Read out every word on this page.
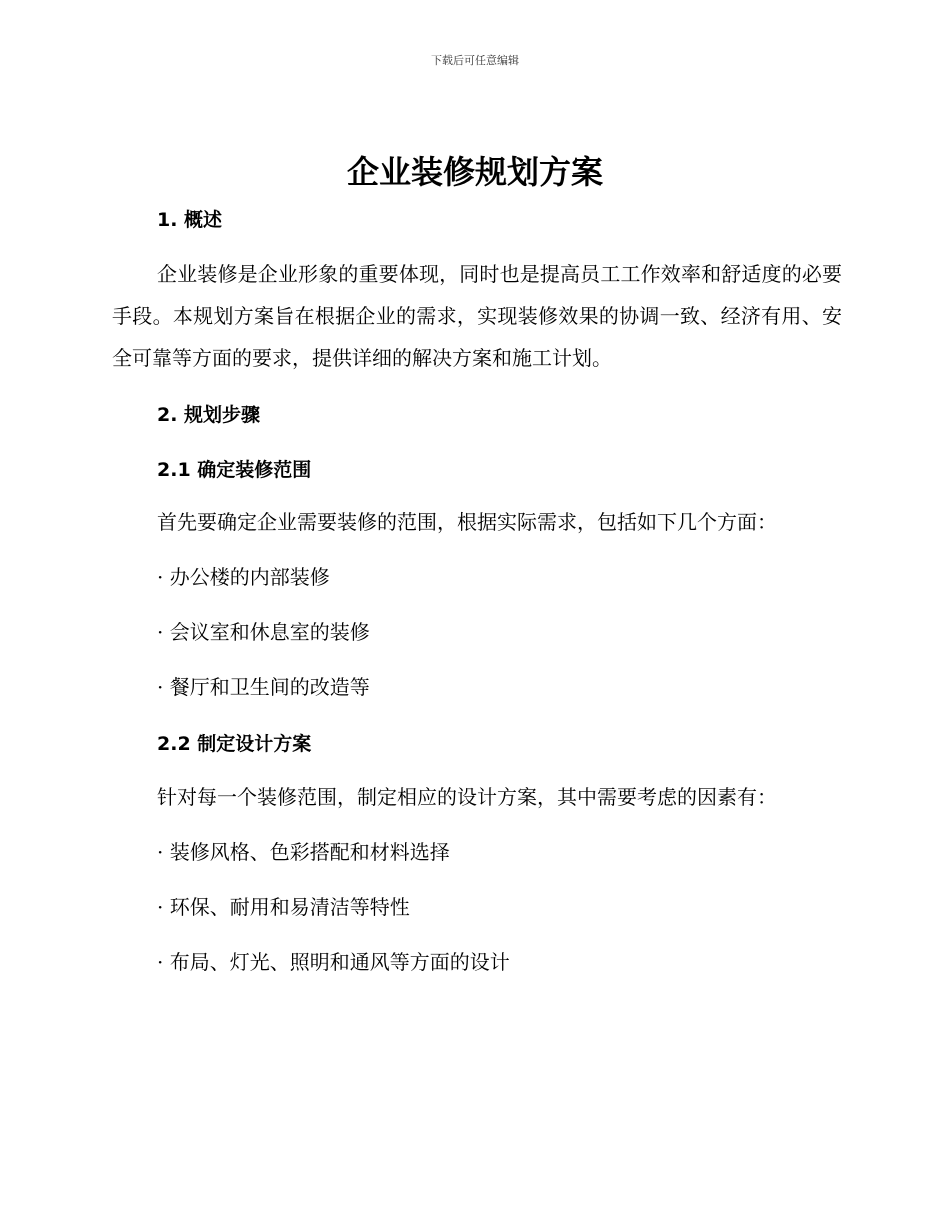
下载后可任意编辑
企业装修规划方案
1. 概述

企业装修是企业形象的重要体现，同时也是提高员工工作效率和舒适度的必要手段。本规划方案旨在根据企业的需求，实现装修效果的协调一致、经济有用、安全可靠等方面的要求，提供详细的解决方案和施工计划。

2. 规划步骤
2.1 确定装修范围

首先要确定企业需要装修的范围，根据实际需求，包括如下几个方面：

· 办公楼的内部装修
· 会议室和休息室的装修
· 餐厅和卫生间的改造等
2.2 制定设计方案

针对每一个装修范围，制定相应的设计方案，其中需要考虑的因素有：

· 装修风格、色彩搭配和材料选择
· 环保、耐用和易清洁等特性
· 布局、灯光、照明和通风等方面的设计
